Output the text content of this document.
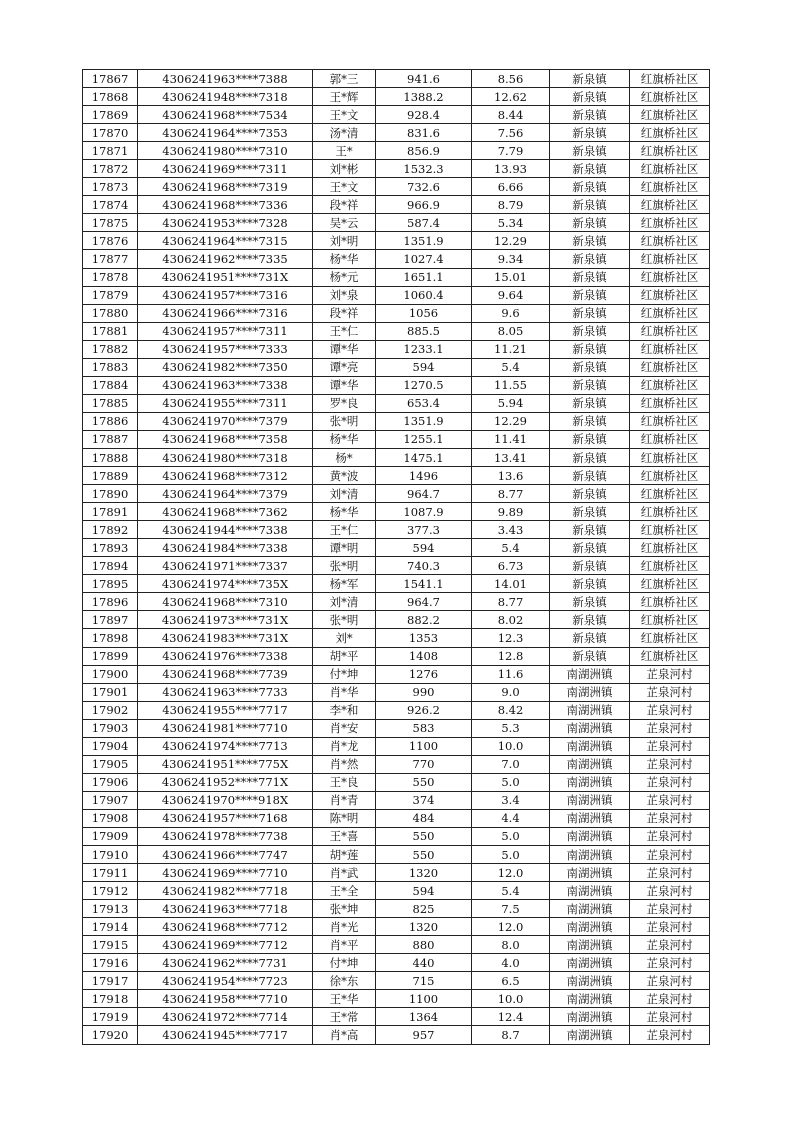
17867	4306241963****7388	郭*三	941.6	8.56	新泉镇	红旗桥社区
17868	4306241948****7318	王*辉	1388.2	12.62	新泉镇	红旗桥社区
17869	4306241968****7534	王*文	928.4	8.44	新泉镇	红旗桥社区
17870	4306241964****7353	汤*清	831.6	7.56	新泉镇	红旗桥社区
17871	4306241980****7310	王*	856.9	7.79	新泉镇	红旗桥社区
17872	4306241969****7311	刘*彬	1532.3	13.93	新泉镇	红旗桥社区
17873	4306241968****7319	王*文	732.6	6.66	新泉镇	红旗桥社区
17874	4306241968****7336	段*祥	966.9	8.79	新泉镇	红旗桥社区
17875	4306241953****7328	吴*云	587.4	5.34	新泉镇	红旗桥社区
17876	4306241964****7315	刘*明	1351.9	12.29	新泉镇	红旗桥社区
17877	4306241962****7335	杨*华	1027.4	9.34	新泉镇	红旗桥社区
17878	4306241951****731X	杨*元	1651.1	15.01	新泉镇	红旗桥社区
17879	4306241957****7316	刘*泉	1060.4	9.64	新泉镇	红旗桥社区
17880	4306241966****7316	段*祥	1056	9.6	新泉镇	红旗桥社区
17881	4306241957****7311	王*仁	885.5	8.05	新泉镇	红旗桥社区
17882	4306241957****7333	谭*华	1233.1	11.21	新泉镇	红旗桥社区
17883	4306241982****7350	谭*亮	594	5.4	新泉镇	红旗桥社区
17884	4306241963****7338	谭*华	1270.5	11.55	新泉镇	红旗桥社区
17885	4306241955****7311	罗*良	653.4	5.94	新泉镇	红旗桥社区
17886	4306241970****7379	张*明	1351.9	12.29	新泉镇	红旗桥社区
17887	4306241968****7358	杨*华	1255.1	11.41	新泉镇	红旗桥社区
17888	4306241980****7318	杨*	1475.1	13.41	新泉镇	红旗桥社区
17889	4306241968****7312	黄*波	1496	13.6	新泉镇	红旗桥社区
17890	4306241964****7379	刘*清	964.7	8.77	新泉镇	红旗桥社区
17891	4306241968****7362	杨*华	1087.9	9.89	新泉镇	红旗桥社区
17892	4306241944****7338	王*仁	377.3	3.43	新泉镇	红旗桥社区
17893	4306241984****7338	谭*明	594	5.4	新泉镇	红旗桥社区
17894	4306241971****7337	张*明	740.3	6.73	新泉镇	红旗桥社区
17895	4306241974****735X	杨*军	1541.1	14.01	新泉镇	红旗桥社区
17896	4306241968****7310	刘*清	964.7	8.77	新泉镇	红旗桥社区
17897	4306241973****731X	张*明	882.2	8.02	新泉镇	红旗桥社区
17898	4306241983****731X	刘*	1353	12.3	新泉镇	红旗桥社区
17899	4306241976****7338	胡*平	1408	12.8	新泉镇	红旗桥社区
17900	4306241968****7739	付*坤	1276	11.6	南湖洲镇	芷泉河村
17901	4306241963****7733	肖*华	990	9.0	南湖洲镇	芷泉河村
17902	4306241955****7717	李*和	926.2	8.42	南湖洲镇	芷泉河村
17903	4306241981****7710	肖*安	583	5.3	南湖洲镇	芷泉河村
17904	4306241974****7713	肖*龙	1100	10.0	南湖洲镇	芷泉河村
17905	4306241951****775X	肖*然	770	7.0	南湖洲镇	芷泉河村
17906	4306241952****771X	王*良	550	5.0	南湖洲镇	芷泉河村
17907	4306241970****918X	肖*青	374	3.4	南湖洲镇	芷泉河村
17908	4306241957****7168	陈*明	484	4.4	南湖洲镇	芷泉河村
17909	4306241978****7738	王*喜	550	5.0	南湖洲镇	芷泉河村
17910	4306241966****7747	胡*莲	550	5.0	南湖洲镇	芷泉河村
17911	4306241969****7710	肖*武	1320	12.0	南湖洲镇	芷泉河村
17912	4306241982****7718	王*全	594	5.4	南湖洲镇	芷泉河村
17913	4306241963****7718	张*坤	825	7.5	南湖洲镇	芷泉河村
17914	4306241968****7712	肖*光	1320	12.0	南湖洲镇	芷泉河村
17915	4306241969****7712	肖*平	880	8.0	南湖洲镇	芷泉河村
17916	4306241962****7731	付*坤	440	4.0	南湖洲镇	芷泉河村
17917	4306241954****7723	徐*东	715	6.5	南湖洲镇	芷泉河村
17918	4306241958****7710	王*华	1100	10.0	南湖洲镇	芷泉河村
17919	4306241972****7714	王*常	1364	12.4	南湖洲镇	芷泉河村
17920	4306241945****7717	肖*高	957	8.7	南湖洲镇	芷泉河村
